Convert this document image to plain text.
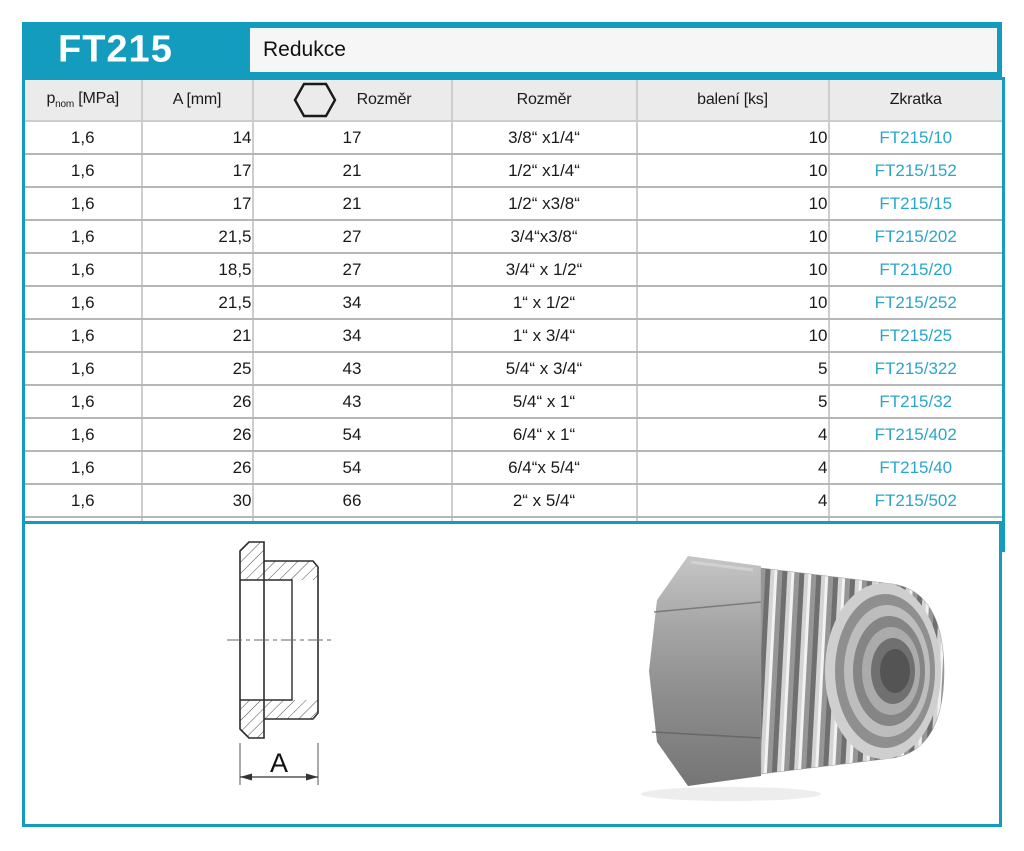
FT215	Redukce
$p_{nom}$ [MPa]	A [mm]	Rozměr	Rozměr	balení [ks]	Zkratka
1,6	14	17	3/8“ x1/4“	10	FT215/10
1,6	17	21	1/2“ x1/4“	10	FT215/152
1,6	17	21	1/2“ x3/8“	10	FT215/15
1,6	21,5	27	3/4“x3/8“	10	FT215/202
1,6	18,5	27	3/4“ x 1/2“	10	FT215/20
1,6	21,5	34	1“ x 1/2“	10	FT215/252
1,6	21	34	1“ x 3/4“	10	FT215/25
1,6	25	43	5/4“ x 3/4“	5	FT215/322
1,6	26	43	5/4“ x 1“	5	FT215/32
1,6	26	54	6/4“ x 1“	4	FT215/402
1,6	26	54	6/4“x 5/4“	4	FT215/40
1,6	30	66	2“ x 5/4“	4	FT215/502

A
